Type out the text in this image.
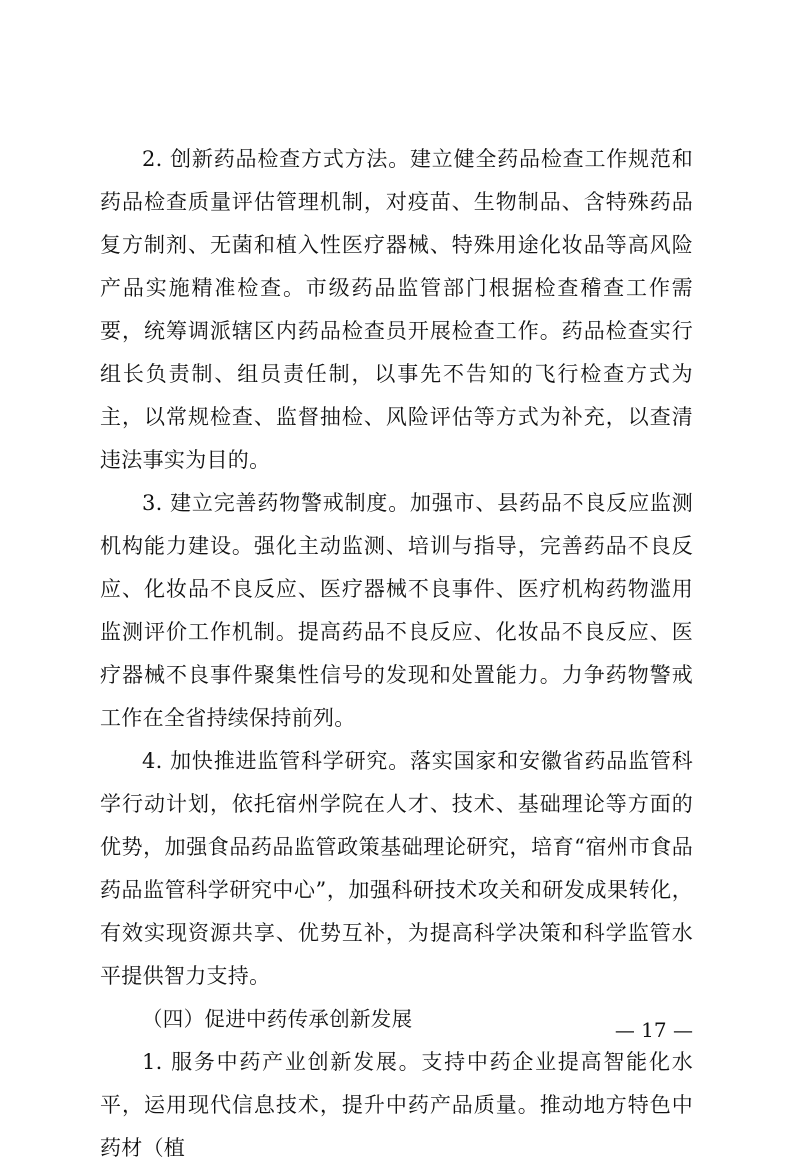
2. 创新药品检查方式方法。建立健全药品检查工作规范和药品检查质量评估管理机制，对疫苗、生物制品、含特殊药品复方制剂、无菌和植入性医疗器械、特殊用途化妆品等高风险产品实施精准检查。市级药品监管部门根据检查稽查工作需要，统筹调派辖区内药品检查员开展检查工作。药品检查实行组长负责制、组员责任制，以事先不告知的飞行检查方式为主，以常规检查、监督抽检、风险评估等方式为补充，以查清违法事实为目的。

3. 建立完善药物警戒制度。加强市、县药品不良反应监测机构能力建设。强化主动监测、培训与指导，完善药品不良反应、化妆品不良反应、医疗器械不良事件、医疗机构药物滥用监测评价工作机制。提高药品不良反应、化妆品不良反应、医疗器械不良事件聚集性信号的发现和处置能力。力争药物警戒工作在全省持续保持前列。

4. 加快推进监管科学研究。落实国家和安徽省药品监管科学行动计划，依托宿州学院在人才、技术、基础理论等方面的优势，加强食品药品监管政策基础理论研究，培育“宿州市食品药品监管科学研究中心”，加强科研技术攻关和研发成果转化，有效实现资源共享、优势互补，为提高科学决策和科学监管水平提供智力支持。

（四）促进中药传承创新发展

1. 服务中药产业创新发展。支持中药企业提高智能化水平，运用现代信息技术，提升中药产品质量。推动地方特色中药材（植

— 17 —
